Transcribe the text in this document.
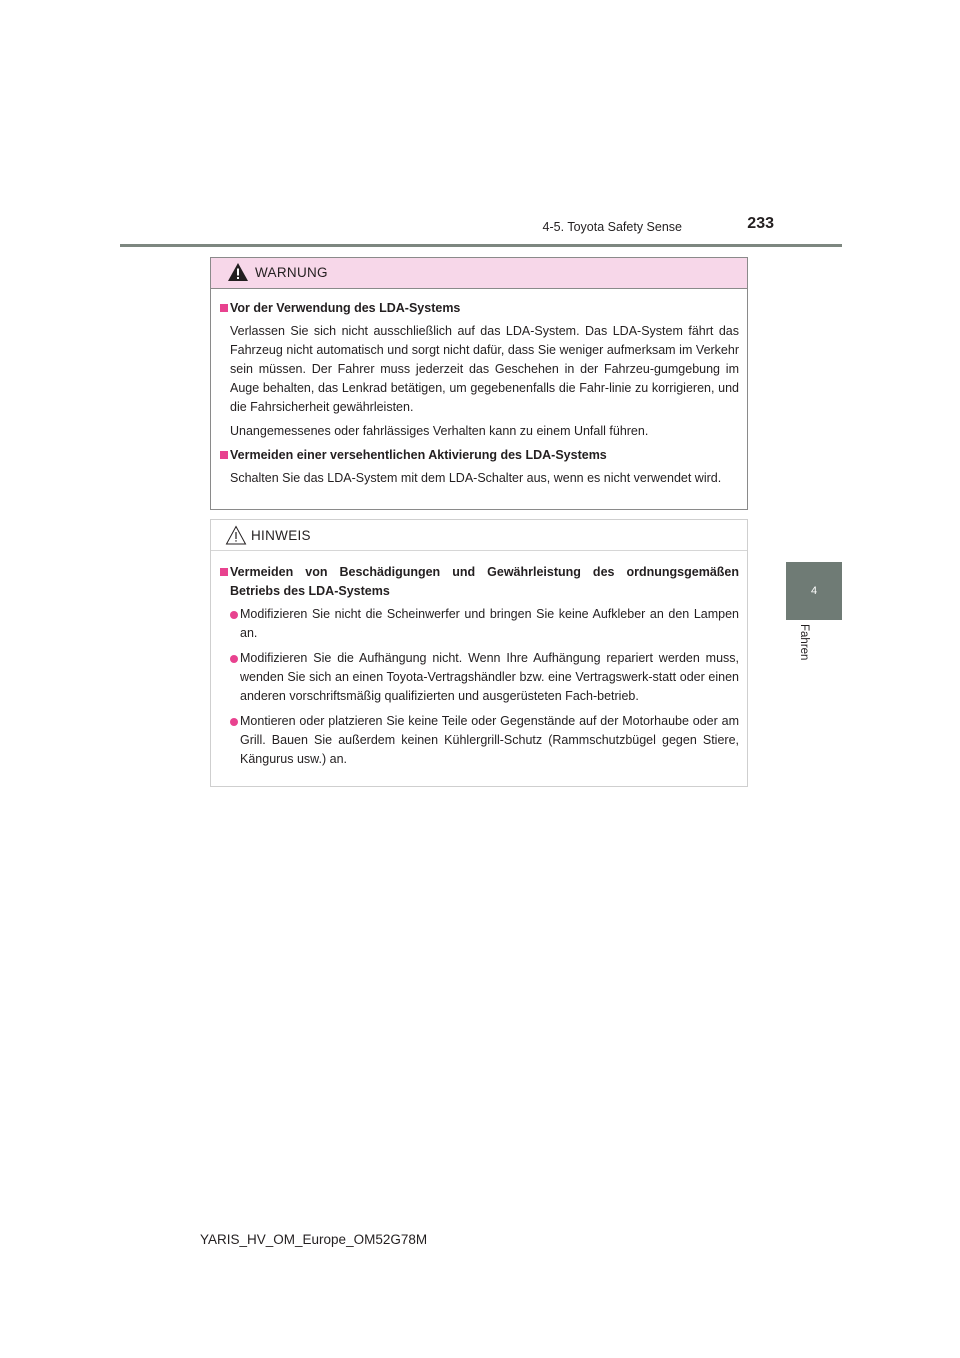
4-5. Toyota Safety Sense	233
4
Fahren
WARNUNG
Vor der Verwendung des LDA-Systems

Verlassen Sie sich nicht ausschließlich auf das LDA-System. Das LDA-System fährt das Fahrzeug nicht automatisch und sorgt nicht dafür, dass Sie weniger aufmerksam im Verkehr sein müssen. Der Fahrer muss jederzeit das Geschehen in der Fahrzeu-gumgebung im Auge behalten, das Lenkrad betätigen, um gegebenenfalls die Fahr-linie zu korrigieren, und die Fahrsicherheit gewährleisten.

Unangemessenes oder fahrlässiges Verhalten kann zu einem Unfall führen.

Vermeiden einer versehentlichen Aktivierung des LDA-Systems

Schalten Sie das LDA-System mit dem LDA-Schalter aus, wenn es nicht verwendet wird.

HINWEIS
Vermeiden von Beschädigungen und Gewährleistung des ordnungsgemäßen Betriebs des LDA-Systems
Modifizieren Sie nicht die Scheinwerfer und bringen Sie keine Aufkleber an den Lampen an.
Modifizieren Sie die Aufhängung nicht. Wenn Ihre Aufhängung repariert werden muss, wenden Sie sich an einen Toyota-Vertragshändler bzw. eine Vertragswerk-statt oder einen anderen vorschriftsmäßig qualifizierten und ausgerüsteten Fach-betrieb.
Montieren oder platzieren Sie keine Teile oder Gegenstände auf der Motorhaube oder am Grill. Bauen Sie außerdem keinen Kühlergrill-Schutz (Rammschutzbügel gegen Stiere, Kängurus usw.) an.
YARIS_HV_OM_Europe_OM52G78M
